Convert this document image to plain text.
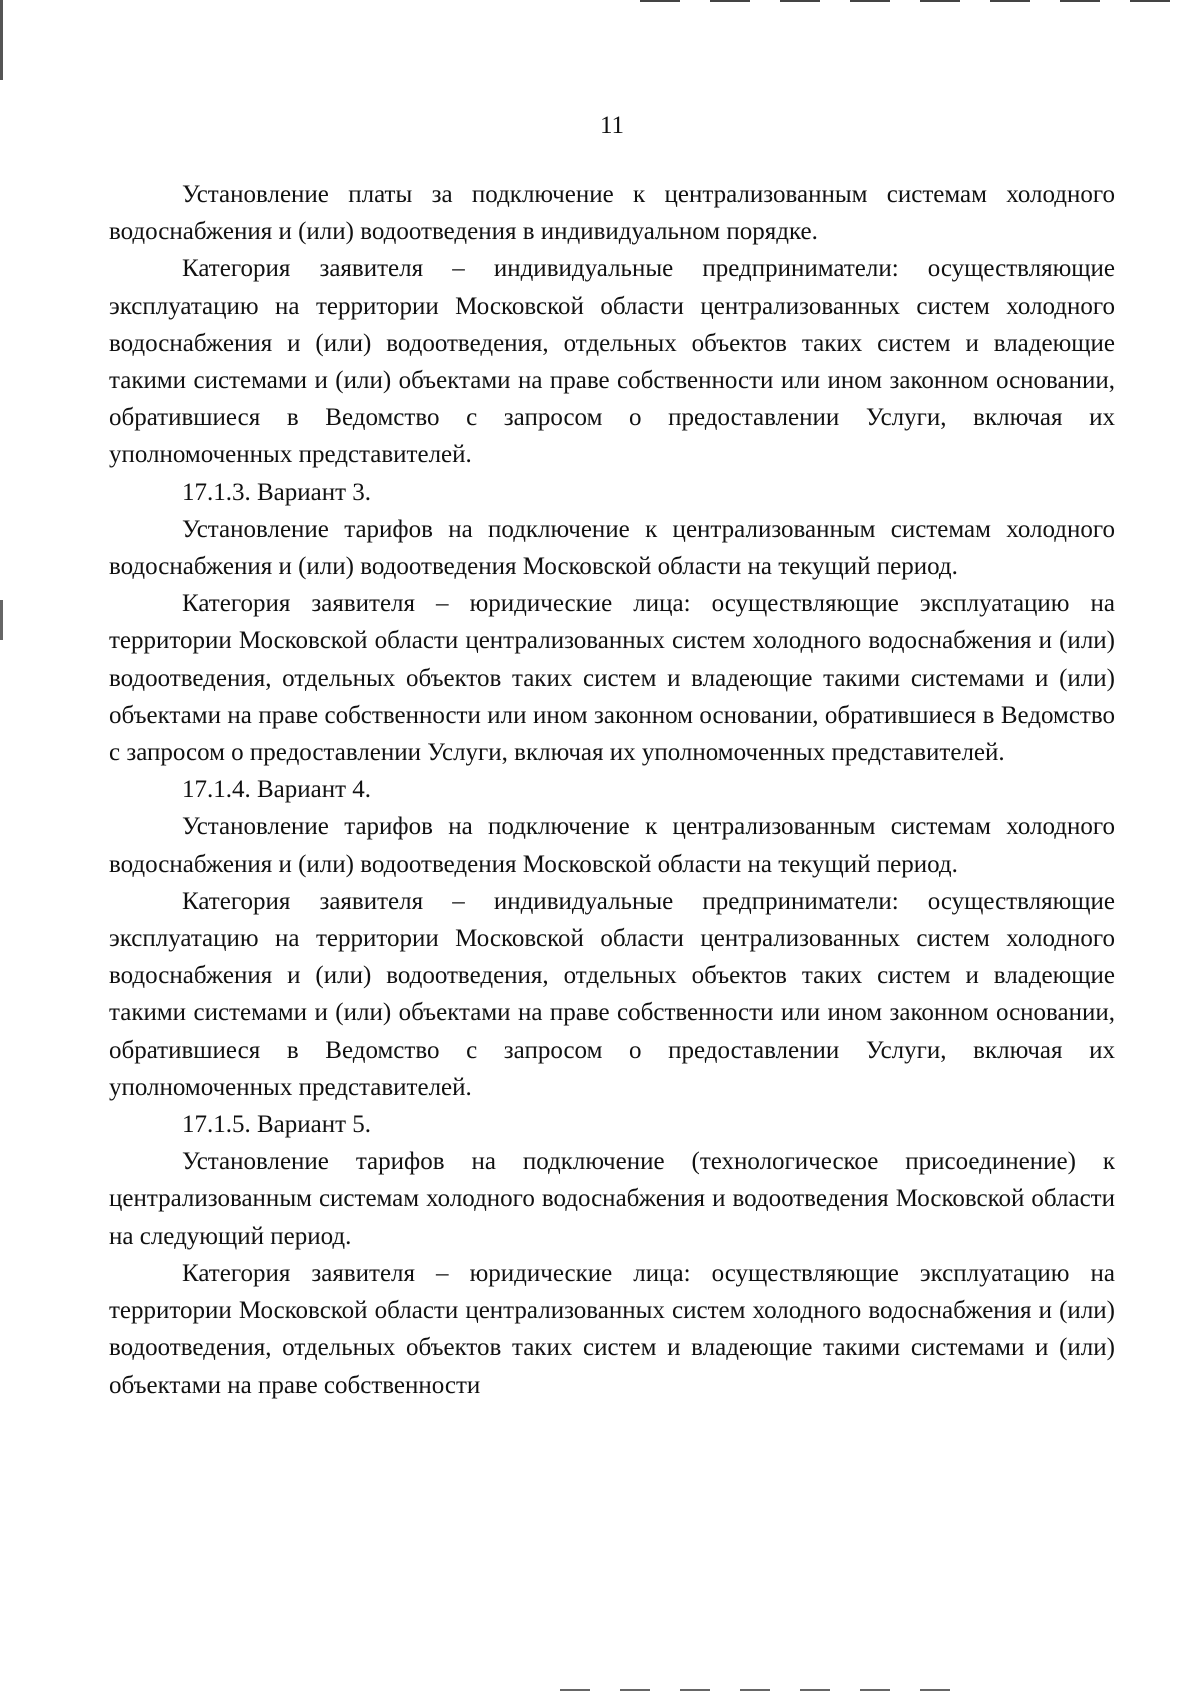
11

Установление платы за подключение к централизованным системам холодного водоснабжения и (или) водоотведения в индивидуальном порядке.

Категория заявителя – индивидуальные предприниматели: осуществляющие эксплуатацию на территории Московской области централизованных систем холодного водоснабжения и (или) водоотведения, отдельных объектов таких систем и владеющие такими системами и (или) объектами на праве собственности или ином законном основании, обратившиеся в Ведомство с запросом о предоставлении Услуги, включая их уполномоченных представителей.

17.1.3. Вариант 3.

Установление тарифов на подключение к централизованным системам холодного водоснабжения и (или) водоотведения Московской области на текущий период.

Категория заявителя – юридические лица: осуществляющие эксплуатацию на территории Московской области централизованных систем холодного водоснабжения и (или) водоотведения, отдельных объектов таких систем и владеющие такими системами и (или) объектами на праве собственности или ином законном основании, обратившиеся в Ведомство с запросом о предоставлении Услуги, включая их уполномоченных представителей.

17.1.4. Вариант 4.

Установление тарифов на подключение к централизованным системам холодного водоснабжения и (или) водоотведения Московской области на текущий период.

Категория заявителя – индивидуальные предприниматели: осуществляющие эксплуатацию на территории Московской области централизованных систем холодного водоснабжения и (или) водоотведения, отдельных объектов таких систем и владеющие такими системами и (или) объектами на праве собственности или ином законном основании, обратившиеся в Ведомство с запросом о предоставлении Услуги, включая их уполномоченных представителей.

17.1.5. Вариант 5.

Установление тарифов на подключение (технологическое присоединение) к централизованным системам холодного водоснабжения и водоотведения Московской области на следующий период.

Категория заявителя – юридические лица: осуществляющие эксплуатацию на территории Московской области централизованных систем холодного водоснабжения и (или) водоотведения, отдельных объектов таких систем и владеющие такими системами и (или) объектами на праве собственности
